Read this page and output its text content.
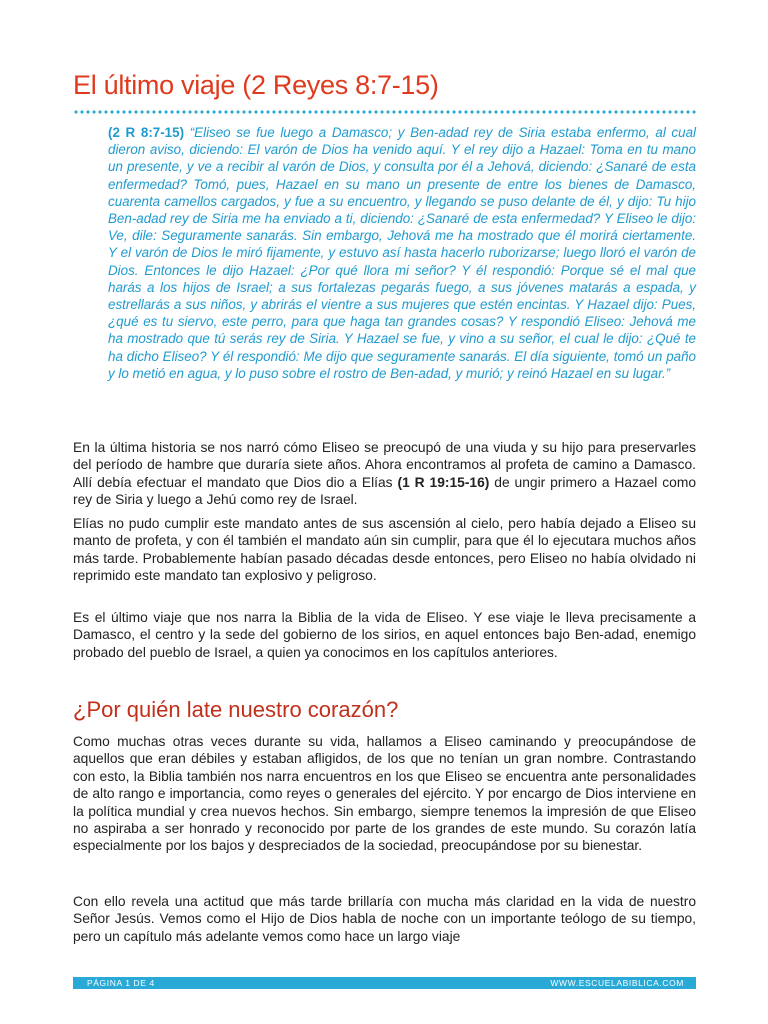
El último viaje (2 Reyes 8:7-15)
(2 R 8:7-15) “Eliseo se fue luego a Damasco; y Ben-adad rey de Siria estaba enfermo, al cual dieron aviso, diciendo: El varón de Dios ha venido aquí. Y el rey dijo a Hazael: Toma en tu mano un presente, y ve a recibir al varón de Dios, y consulta por él a Jehová, diciendo: ¿Sanaré de esta enfermedad? Tomó, pues, Hazael en su mano un presente de entre los bienes de Damasco, cuarenta camellos cargados, y fue a su encuentro, y llegando se puso delante de él, y dijo: Tu hijo Ben-adad rey de Siria me ha enviado a ti, diciendo: ¿Sanaré de esta enfermedad? Y Eliseo le dijo: Ve, dile: Seguramente sanarás. Sin embargo, Jehová me ha mostrado que él morirá ciertamente. Y el varón de Dios le miró fijamente, y estuvo así hasta hacerlo ruborizarse; luego lloró el varón de Dios. Entonces le dijo Hazael: ¿Por qué llora mi señor? Y él respondió: Porque sé el mal que harás a los hijos de Israel; a sus fortalezas pegarás fuego, a sus jóvenes matarás a espada, y estrellarás a sus niños, y abrirás el vientre a sus mujeres que estén encintas. Y Hazael dijo: Pues, ¿qué es tu siervo, este perro, para que haga tan grandes cosas? Y respondió Eliseo: Jehová me ha mostrado que tú serás rey de Siria. Y Hazael se fue, y vino a su señor, el cual le dijo: ¿Qué te ha dicho Eliseo? Y él respondió: Me dijo que seguramente sanarás. El día siguiente, tomó un paño y lo metió en agua, y lo puso sobre el rostro de Ben-adad, y murió; y reinó Hazael en su lugar.”
En la última historia se nos narró cómo Eliseo se preocupó de una viuda y su hijo para preservarles del período de hambre que duraría siete años. Ahora encontramos al profeta de camino a Damasco. Allí debía efectuar el mandato que Dios dio a Elías (1 R 19:15-16) de ungir primero a Hazael como rey de Siria y luego a Jehú como rey de Israel.
Elías no pudo cumplir este mandato antes de sus ascensión al cielo, pero había dejado a Eliseo su manto de profeta, y con él también el mandato aún sin cumplir, para que él lo ejecutara muchos años más tarde. Probablemente habían pasado décadas desde entonces, pero Eliseo no había olvidado ni reprimido este mandato tan explosivo y peligroso.
Es el último viaje que nos narra la Biblia de la vida de Eliseo. Y ese viaje le lleva precisamente a Damasco, el centro y la sede del gobierno de los sirios, en aquel entonces bajo Ben-adad, enemigo probado del pueblo de Israel, a quien ya conocimos en los capítulos anteriores.
¿Por quién late nuestro corazón?
Como muchas otras veces durante su vida, hallamos a Eliseo caminando y preocupándose de aquellos que eran débiles y estaban afligidos, de los que no tenían un gran nombre. Contrastando con esto, la Biblia también nos narra encuentros en los que Eliseo se encuentra ante personalidades de alto rango e importancia, como reyes o generales del ejército. Y por encargo de Dios interviene en la política mundial y crea nuevos hechos. Sin embargo, siempre tenemos la impresión de que Eliseo no aspiraba a ser honrado y reconocido por parte de los grandes de este mundo. Su corazón latía especialmente por los bajos y despreciados de la sociedad, preocupándose por su bienestar.
Con ello revela una actitud que más tarde brillaría con mucha más claridad en la vida de nuestro Señor Jesús. Vemos como el Hijo de Dios habla de noche con un importante teólogo de su tiempo, pero un capítulo más adelante vemos como hace un largo viaje
PÁGINA 1 DE 4	WWW.ESCUELABIBLICA.COM
